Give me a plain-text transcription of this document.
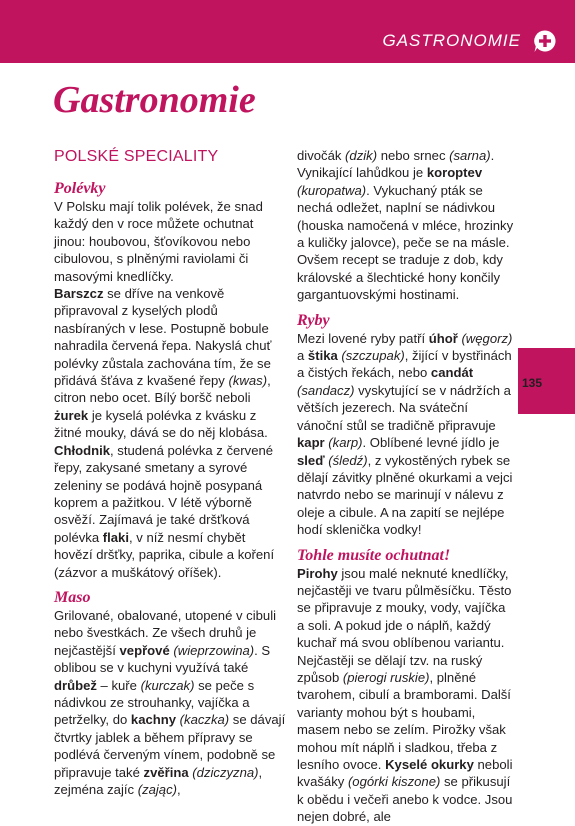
GASTRONOMIE
Gastronomie
135
POLSKÉ SPECIALITY
Polévky

V Polsku mají tolik polévek, že snad každý den v roce můžete ochutnat jinou: houbovou, šťovíkovou nebo cibulovou, s plněnými raviolami či masovými knedlíčky.

Barszcz se dříve na venkově připravoval z kyselých plodů nasbíraných v lese. Postupně bobule nahradila červená řepa. Nakyslá chuť polévky zůstala zachována tím, že se přidává šťáva z kvašené řepy (kwas), citron nebo ocet. Bílý boršč neboli żurek je kyselá polévka z kvásku z žitné mouky, dává se do něj klobása. Chłodnik, studená polévka z červené řepy, zakysané smetany a syrové zeleniny se podává hojně posypaná koprem a pažitkou. V létě výborně osvěží. Zajímavá je také dršťková polévka flaki, v níž nesmí chybět hovězí dršťky, paprika, cibule a koření (zázvor a muškátový oříšek).

Maso

Grilované, obalované, utopené v cibuli nebo švestkách. Ze všech druhů je nejčastější vepřové (wieprzowina). S oblibou se v kuchyni využívá také drůbež – kuře (kurczak) se peče s nádivkou ze strouhanky, vajíčka a petrželky, do kachny (kaczka) se dávají čtvrtky jablek a během přípravy se podlévá červeným vínem, podobně se připravuje také zvěřina (dziczyzna), zejména zajíc (zając),

divočák (dzik) nebo srnec (sarna). Vynikající lahůdkou je koroptev (kuropatwa). Vykuchaný pták se nechá odležet, naplní se nádivkou (houska namočená v mléce, hrozinky a kuličky jalovce), peče se na másle. Ovšem recept se traduje z dob, kdy královské a šlechtické hony končily gargantuovskými hostinami.

Ryby

Mezi lovené ryby patří úhoř (węgorz) a štika (szczupak), žijící v bystřinách a čistých řekách, nebo candát (sandacz) vyskytující se v nádržích a větších jezerech. Na sváteční vánoční stůl se tradičně připravuje kapr (karp). Oblíbené levné jídlo je sleď (śledź), z vykostěných rybek se dělají závitky plněné okurkami a vejci natvrdo nebo se marinují v nálevu z oleje a cibule. A na zapití se nejlépe hodí sklenička vodky!

Tohle musíte ochutnat!

Pirohy jsou malé neknuté knedlíčky, nejčastěji ve tvaru půlměsíčku. Těsto se připravuje z mouky, vody, vajíčka a soli. A pokud jde o náplň, každý kuchař má svou oblíbenou variantu. Nejčastěji se dělají tzv. na ruský způsob (pierogi ruskie), plněné tvarohem, cibulí a bramborami. Další varianty mohou být s houbami, masem nebo se zelím. Pirožky však mohou mít náplň i sladkou, třeba z lesního ovoce. Kyselé okurky neboli kvašáky (ogórki kiszone) se přikusují k obědu i večeři anebo k vodce. Jsou nejen dobré, ale
